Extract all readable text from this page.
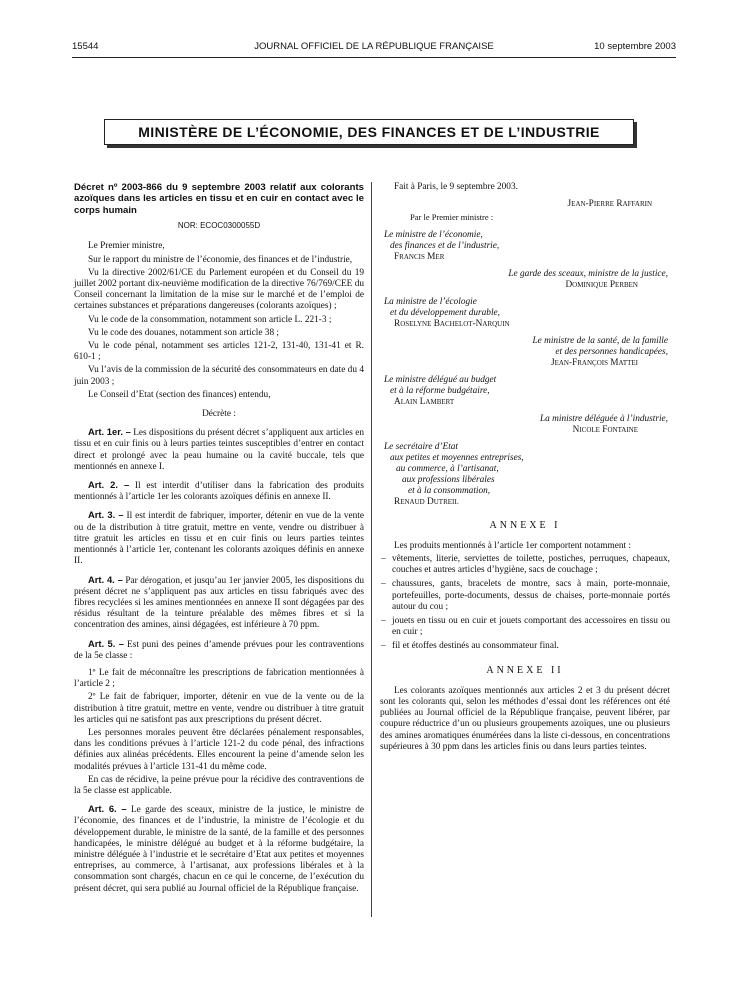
15544	JOURNAL OFFICIEL DE LA RÉPUBLIQUE FRANÇAISE	10 septembre 2003
MINISTÈRE DE L’ÉCONOMIE, DES FINANCES ET DE L’INDUSTRIE

Décret nº 2003-866 du 9 septembre 2003 relatif aux colorants azoïques dans les articles en tissu et en cuir en contact avec le corps humain

NOR: ECOC0300055D

Le Premier ministre,

Sur le rapport du ministre de l’économie, des finances et de l’industrie,

Vu la directive 2002/61/CE du Parlement européen et du Conseil du 19 juillet 2002 portant dix-neuvième modification de la directive 76/769/CEE du Conseil concernant la limitation de la mise sur le marché et de l’emploi de certaines substances et préparations dangereuses (colorants azoïques) ;

Vu le code de la consommation, notamment son article L. 221-3 ;

Vu le code des douanes, notamment son article 38 ;

Vu le code pénal, notamment ses articles 121-2, 131-40, 131-41 et R. 610-1 ;

Vu l’avis de la commission de la sécurité des consommateurs en date du 4 juin 2003 ;

Le Conseil d’Etat (section des finances) entendu,

Décrète :

Art. 1er. – Les dispositions du présent décret s’appliquent aux articles en tissu et en cuir finis ou à leurs parties teintes susceptibles d’entrer en contact direct et prolongé avec la peau humaine ou la cavité buccale, tels que mentionnés en annexe I.

Art. 2. – Il est interdit d’utiliser dans la fabrication des produits mentionnés à l’article 1er les colorants azoïques définis en annexe II.

Art. 3. – Il est interdit de fabriquer, importer, détenir en vue de la vente ou de la distribution à titre gratuit, mettre en vente, vendre ou distribuer à titre gratuit les articles en tissu et en cuir finis ou leurs parties teintes mentionnés à l’article 1er, contenant les colorants azoïques définis en annexe II.

Art. 4. – Par dérogation, et jusqu’au 1er janvier 2005, les dispositions du présent décret ne s’appliquent pas aux articles en tissu fabriqués avec des fibres recyclées si les amines mentionnées en annexe II sont dégagées par des résidus résultant de la teinture préalable des mêmes fibres et si la concentration des amines, ainsi dégagées, est inférieure à 70 ppm.

Art. 5. – Est puni des peines d’amende prévues pour les contraventions de la 5e classe :

1º Le fait de méconnaître les prescriptions de fabrication mentionnées à l’article 2 ;

2º Le fait de fabriquer, importer, détenir en vue de la vente ou de la distribution à titre gratuit, mettre en vente, vendre ou distribuer à titre gratuit les articles qui ne satisfont pas aux prescriptions du présent décret.

Les personnes morales peuvent être déclarées pénalement responsables, dans les conditions prévues à l’article 121-2 du code pénal, des infractions définies aux alinéas précédents. Elles encourent la peine d’amende selon les modalités prévues à l’article 131-41 du même code.

En cas de récidive, la peine prévue pour la récidive des contraventions de la 5e classe est applicable.

Art. 6. – Le garde des sceaux, ministre de la justice, le ministre de l’économie, des finances et de l’industrie, la ministre de l’écologie et du développement durable, le ministre de la santé, de la famille et des personnes handicapées, le ministre délégué au budget et à la réforme budgétaire, la ministre déléguée à l’industrie et le secrétaire d’Etat aux petites et moyennes entreprises, au commerce, à l’artisanat, aux professions libérales et à la consommation sont chargés, chacun en ce qui le concerne, de l’exécution du présent décret, qui sera publié au Journal officiel de la République française.

Fait à Paris, le 9 septembre 2003.

Jean-Pierre Raffarin

Par le Premier ministre :

Le ministre de l’économie,

des finances et de l’industrie,

Francis Mer

Le garde des sceaux, ministre de la justice,

Dominique Perben

La ministre de l’écologie

et du développement durable,

Roselyne Bachelot-Narquin

Le ministre de la santé, de la famille

et des personnes handicapées,

Jean-François Mattei

Le ministre délégué au budget

et à la réforme budgétaire,

Alain Lambert

La ministre déléguée à l’industrie,

Nicole Fontaine

Le secrétaire d’Etat

aux petites et moyennes entreprises,

au commerce, à l’artisanat,

aux professions libérales

et à la consommation,

Renaud Dutreil

ANNEXE I

Les produits mentionnés à l’article 1er comportent notamment :

– vêtements, literie, serviettes de toilette, postiches, perruques, chapeaux, couches et autres articles d’hygiène, sacs de couchage ;
– chaussures, gants, bracelets de montre, sacs à main, porte-monnaie, portefeuilles, porte-documents, dessus de chaises, porte-monnaie portés autour du cou ;
– jouets en tissu ou en cuir et jouets comportant des accessoires en tissu ou en cuir ;
– fil et étoffes destinés au consommateur final.

ANNEXE II

Les colorants azoïques mentionnés aux articles 2 et 3 du présent décret sont les colorants qui, selon les méthodes d’essai dont les références ont été publiées au Journal officiel de la République française, peuvent libérer, par coupure réductrice d’un ou plusieurs groupements azoïques, une ou plusieurs des amines aromatiques énumérées dans la liste ci-dessous, en concentrations supérieures à 30 ppm dans les articles finis ou dans leurs parties teintes.
